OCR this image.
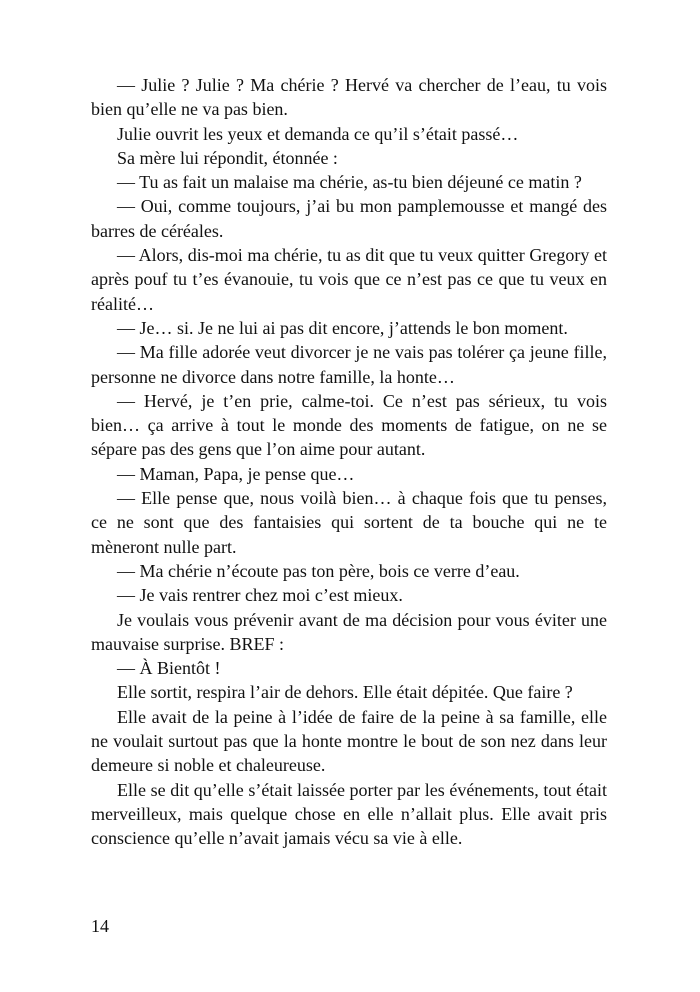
— Julie ? Julie ? Ma chérie ? Hervé va chercher de l’eau, tu vois bien qu’elle ne va pas bien.

Julie ouvrit les yeux et demanda ce qu’il s’était passé…

Sa mère lui répondit, étonnée :

— Tu as fait un malaise ma chérie, as-tu bien déjeuné ce matin ?

— Oui, comme toujours, j’ai bu mon pamplemousse et mangé des barres de céréales.

— Alors, dis-moi ma chérie, tu as dit que tu veux quitter Gregory et après pouf tu t’es évanouie, tu vois que ce n’est pas ce que tu veux en réalité…

— Je… si. Je ne lui ai pas dit encore, j’attends le bon moment.

— Ma fille adorée veut divorcer je ne vais pas tolérer ça jeune fille, personne ne divorce dans notre famille, la honte…

— Hervé, je t’en prie, calme-toi. Ce n’est pas sérieux, tu vois bien… ça arrive à tout le monde des moments de fatigue, on ne se sépare pas des gens que l’on aime pour autant.

— Maman, Papa, je pense que…

— Elle pense que, nous voilà bien… à chaque fois que tu penses, ce ne sont que des fantaisies qui sortent de ta bouche qui ne te mèneront nulle part.

— Ma chérie n’écoute pas ton père, bois ce verre d’eau.

— Je vais rentrer chez moi c’est mieux.

Je voulais vous prévenir avant de ma décision pour vous éviter une mauvaise surprise. BREF :

— À Bientôt !

Elle sortit, respira l’air de dehors. Elle était dépitée. Que faire ?

Elle avait de la peine à l’idée de faire de la peine à sa famille, elle ne voulait surtout pas que la honte montre le bout de son nez dans leur demeure si noble et chaleureuse.

Elle se dit qu’elle s’était laissée porter par les événements, tout était merveilleux, mais quelque chose en elle n’allait plus. Elle avait pris conscience qu’elle n’avait jamais vécu sa vie à elle.

14
